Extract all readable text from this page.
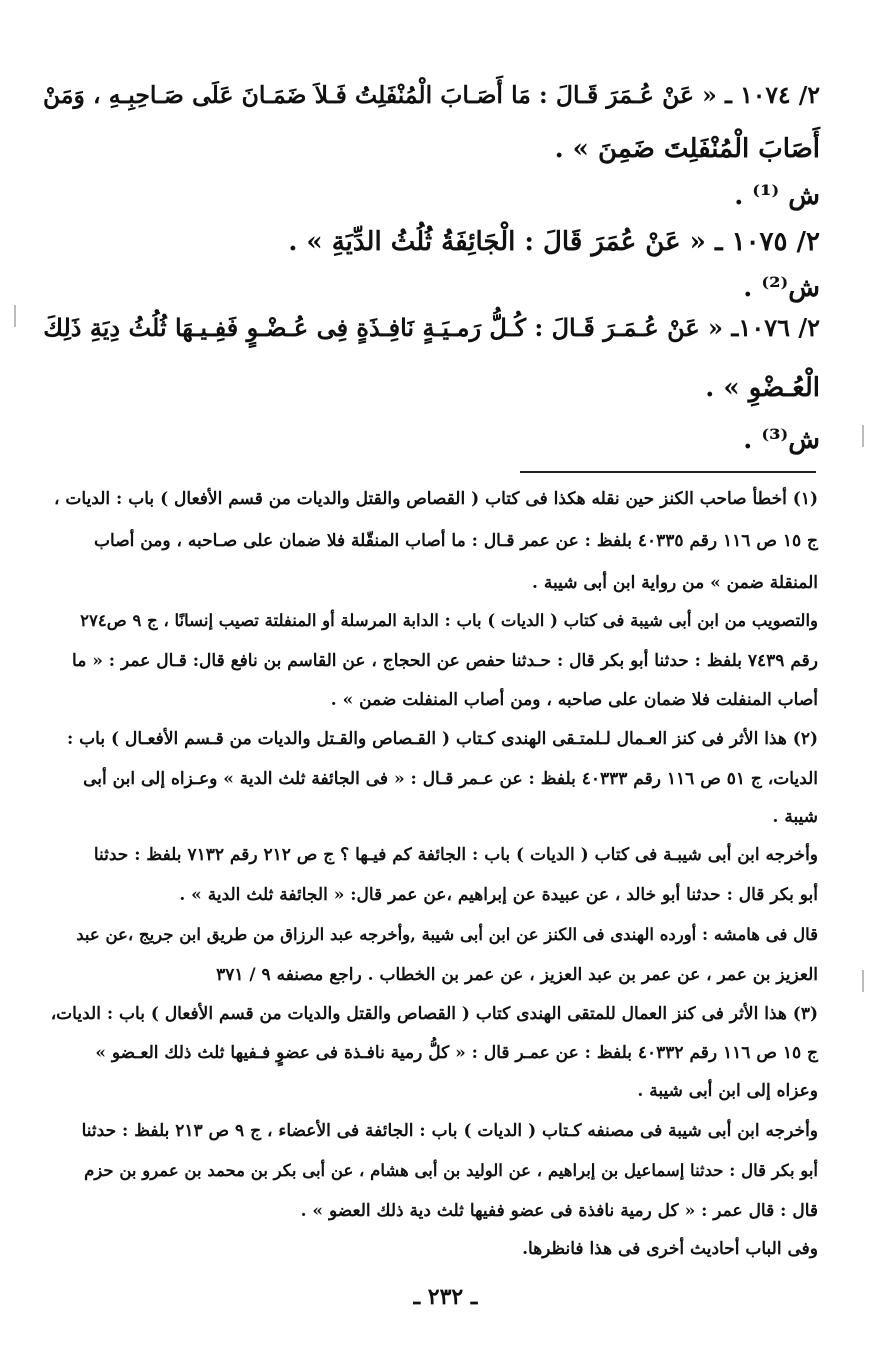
٢/ ١٠٧٤ ـ « عَنْ عُـمَرَ قَـالَ : مَا أَصَـابَ الْمُنْفَلِتُ فَـلاَ ضَمَـانَ عَلَى صَـاحِبِـهِ ، وَمَنْ
أَصَابَ الْمُنْفَلِتَ ضَمِنَ » .
ش ⁽¹⁾ .
٢/ ١٠٧٥ ـ « عَنْ عُمَرَ قَالَ : الْجَائِفَةُ ثُلُثُ الدِّيَةِ » .
ش⁽²⁾ .
٢/ ١٠٧٦ـ « عَنْ عُـمَـرَ قَـالَ : كُـلُّ رَمـيَـةٍ نَافِـذَةٍ فِى عُـضْـوٍ فَفِـيـهَا ثُلُثُ دِيَةِ ذَلِكَ
الْعُـضْوِ » .
ش⁽³⁾ .
(١) أخطأ صاحب الكنز حين نقله هكذا فى كتاب ( القصاص والقتل والديات من قسم الأفعال ) باب : الديات ،
ج ١٥ ص ١١٦ رقم ٤٠٣٣٥ بلفظ : عن عمر قـال : ما أصاب المنقّلة فلا ضمان على صـاحبه ، ومن أصاب
المنقلة ضمن » من رواية ابن أبى شيبة .
والتصويب من ابن أبى شيبة فى كتاب ( الديات ) باب : الدابة المرسلة أو المنفلتة تصيب إنسانًا ، ج ٩ ص٢٧٤
رقم ٧٤٣٩ بلفظ : حدثنا أبو بكر قال : حـدثنا حفص عن الحجاج ، عن القاسم بن نافع قال: قـال عمر : « ما
أصاب المنفلت فلا ضمان على صاحبه ، ومن أصاب المنفلت ضمن » .
(٢) هذا الأثر فى كنز العـمال لـلمتـقى الهندى كـتاب ( القـصاص والقـتل والديات من قـسم الأفعـال ) باب :
الديات، ج ٥١ ص ١١٦ رقم ٤٠٣٣٣ بلفظ : عن عـمر قـال : « فى الجائفة ثلث الدية » وعـزاه إلى ابن أبى
شيبة .
وأخرجه ابن أبى شيبـة فى كتاب ( الديات ) باب : الجائفة كم فيـها ؟ ج ص ٢١٢ رقم ٧١٣٢ بلفظ : حدثنا
أبو بكر قال : حدثنا أبو خالد ، عن عبيدة عن إبراهيم ،عن عمر قال: « الجائفة ثلث الدية » .
قال فى هامشه : أورده الهندى فى الكنز عن ابن أبى شيبة ,وأخرجه عبد الرزاق من طريق ابن جريج ،عن عبد
العزيز بن عمر ، عن عمر بن عبد العزيز ، عن عمر بن الخطاب . راجع مصنفه ٩ / ٣٧١
(٣) هذا الأثر فى كنز العمال للمتقى الهندى كتاب ( القصاص والقتل والديات من قسم الأفعال ) باب : الديات،
ج ١٥ ص ١١٦ رقم ٤٠٣٣٢ بلفظ : عن عمـر قال : « كلُّ رمية نافـذة فى عضوٍ فـفيها ثلث ذلك العـضو »
وعزاه إلى ابن أبى شيبة .
وأخرجه ابن أبى شيبة فى مصنفه كـتاب ( الديات ) باب : الجائفة فى الأعضاء ، ج ٩ ص ٢١٣ بلفظ : حدثنا
أبو بكر قال : حدثنا إسماعيل بن إبراهيم ، عن الوليد بن أبى هشام ، عن أبى بكر بن محمد بن عمرو بن حزم
قال : قال عمر : « كل رمية نافذة فى عضو ففيها ثلث دية ذلك العضو » .
وفى الباب أحاديث أخرى فى هذا فانظرها.
ـ ٢٣٢ ـ
